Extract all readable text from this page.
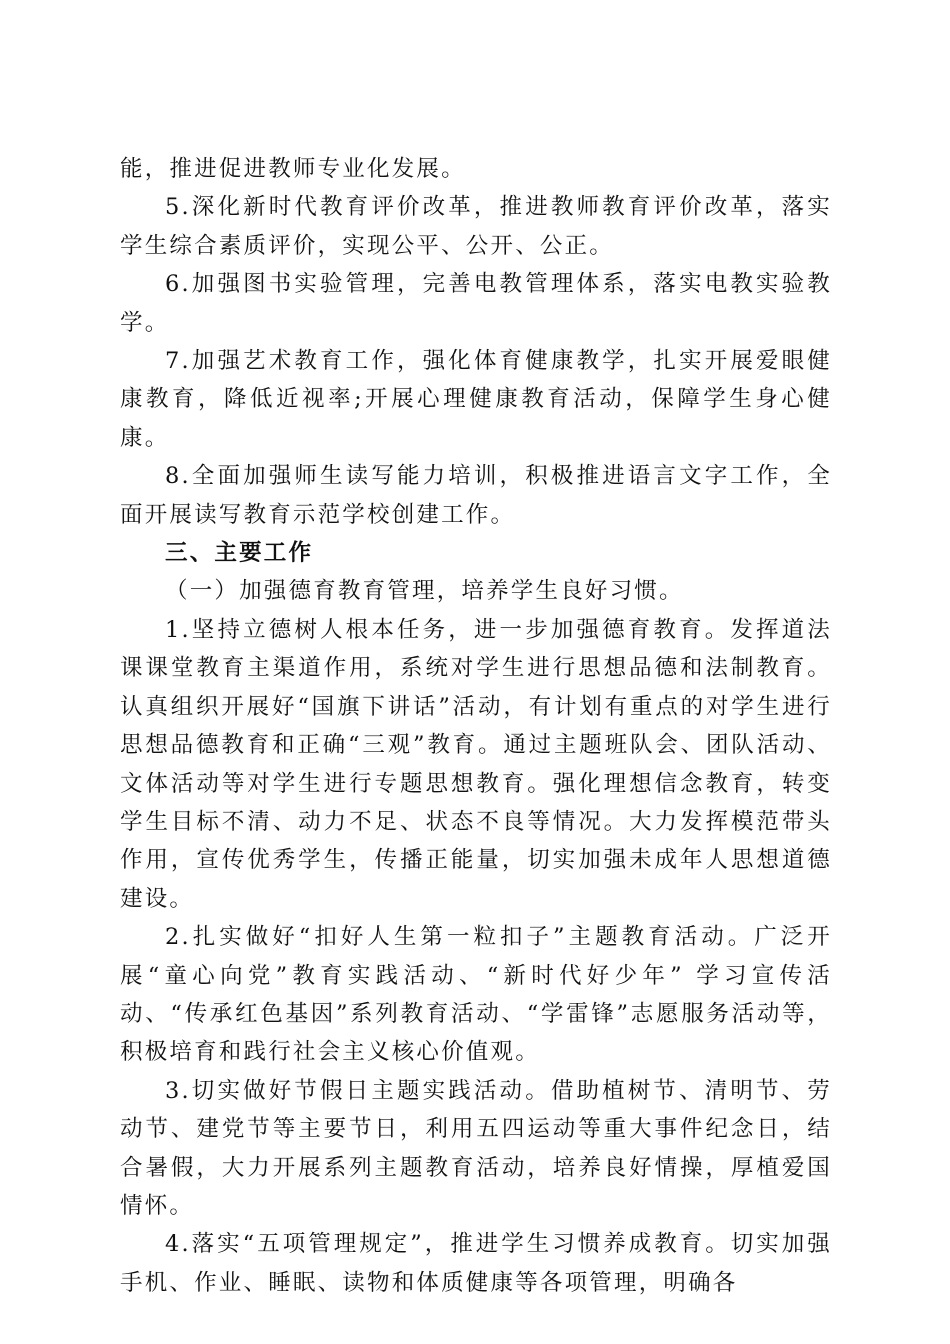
能，推进促进教师专业化发展。

5.深化新时代教育评价改革，推进教师教育评价改革，落实学生综合素质评价，实现公平、公开、公正。

6.加强图书实验管理，完善电教管理体系，落实电教实验教学。

7.加强艺术教育工作，强化体育健康教学，扎实开展爱眼健康教育，降低近视率;开展心理健康教育活动，保障学生身心健康。

8.全面加强师生读写能力培训，积极推进语言文字工作，全面开展读写教育示范学校创建工作。

三、主要工作

（一）加强德育教育管理，培养学生良好习惯。

1.坚持立德树人根本任务，进一步加强德育教育。发挥道法课课堂教育主渠道作用，系统对学生进行思想品德和法制教育。认真组织开展好“国旗下讲话”活动，有计划有重点的对学生进行思想品德教育和正确“三观”教育。通过主题班队会、团队活动、文体活动等对学生进行专题思想教育。强化理想信念教育，转变学生目标不清、动力不足、状态不良等情况。大力发挥模范带头作用，宣传优秀学生，传播正能量，切实加强未成年人思想道德建设。

2.扎实做好“扣好人生第一粒扣子”主题教育活动。广泛开展“童心向党”教育实践活动、“新时代好少年” 学习宣传活动、“传承红色基因”系列教育活动、“学雷锋”志愿服务活动等，积极培育和践行社会主义核心价值观。

3.切实做好节假日主题实践活动。借助植树节、清明节、劳动节、建党节等主要节日，利用五四运动等重大事件纪念日，结合暑假，大力开展系列主题教育活动，培养良好情操，厚植爱国情怀。

4.落实“五项管理规定”，推进学生习惯养成教育。切实加强手机、作业、睡眠、读物和体质健康等各项管理，明确各
